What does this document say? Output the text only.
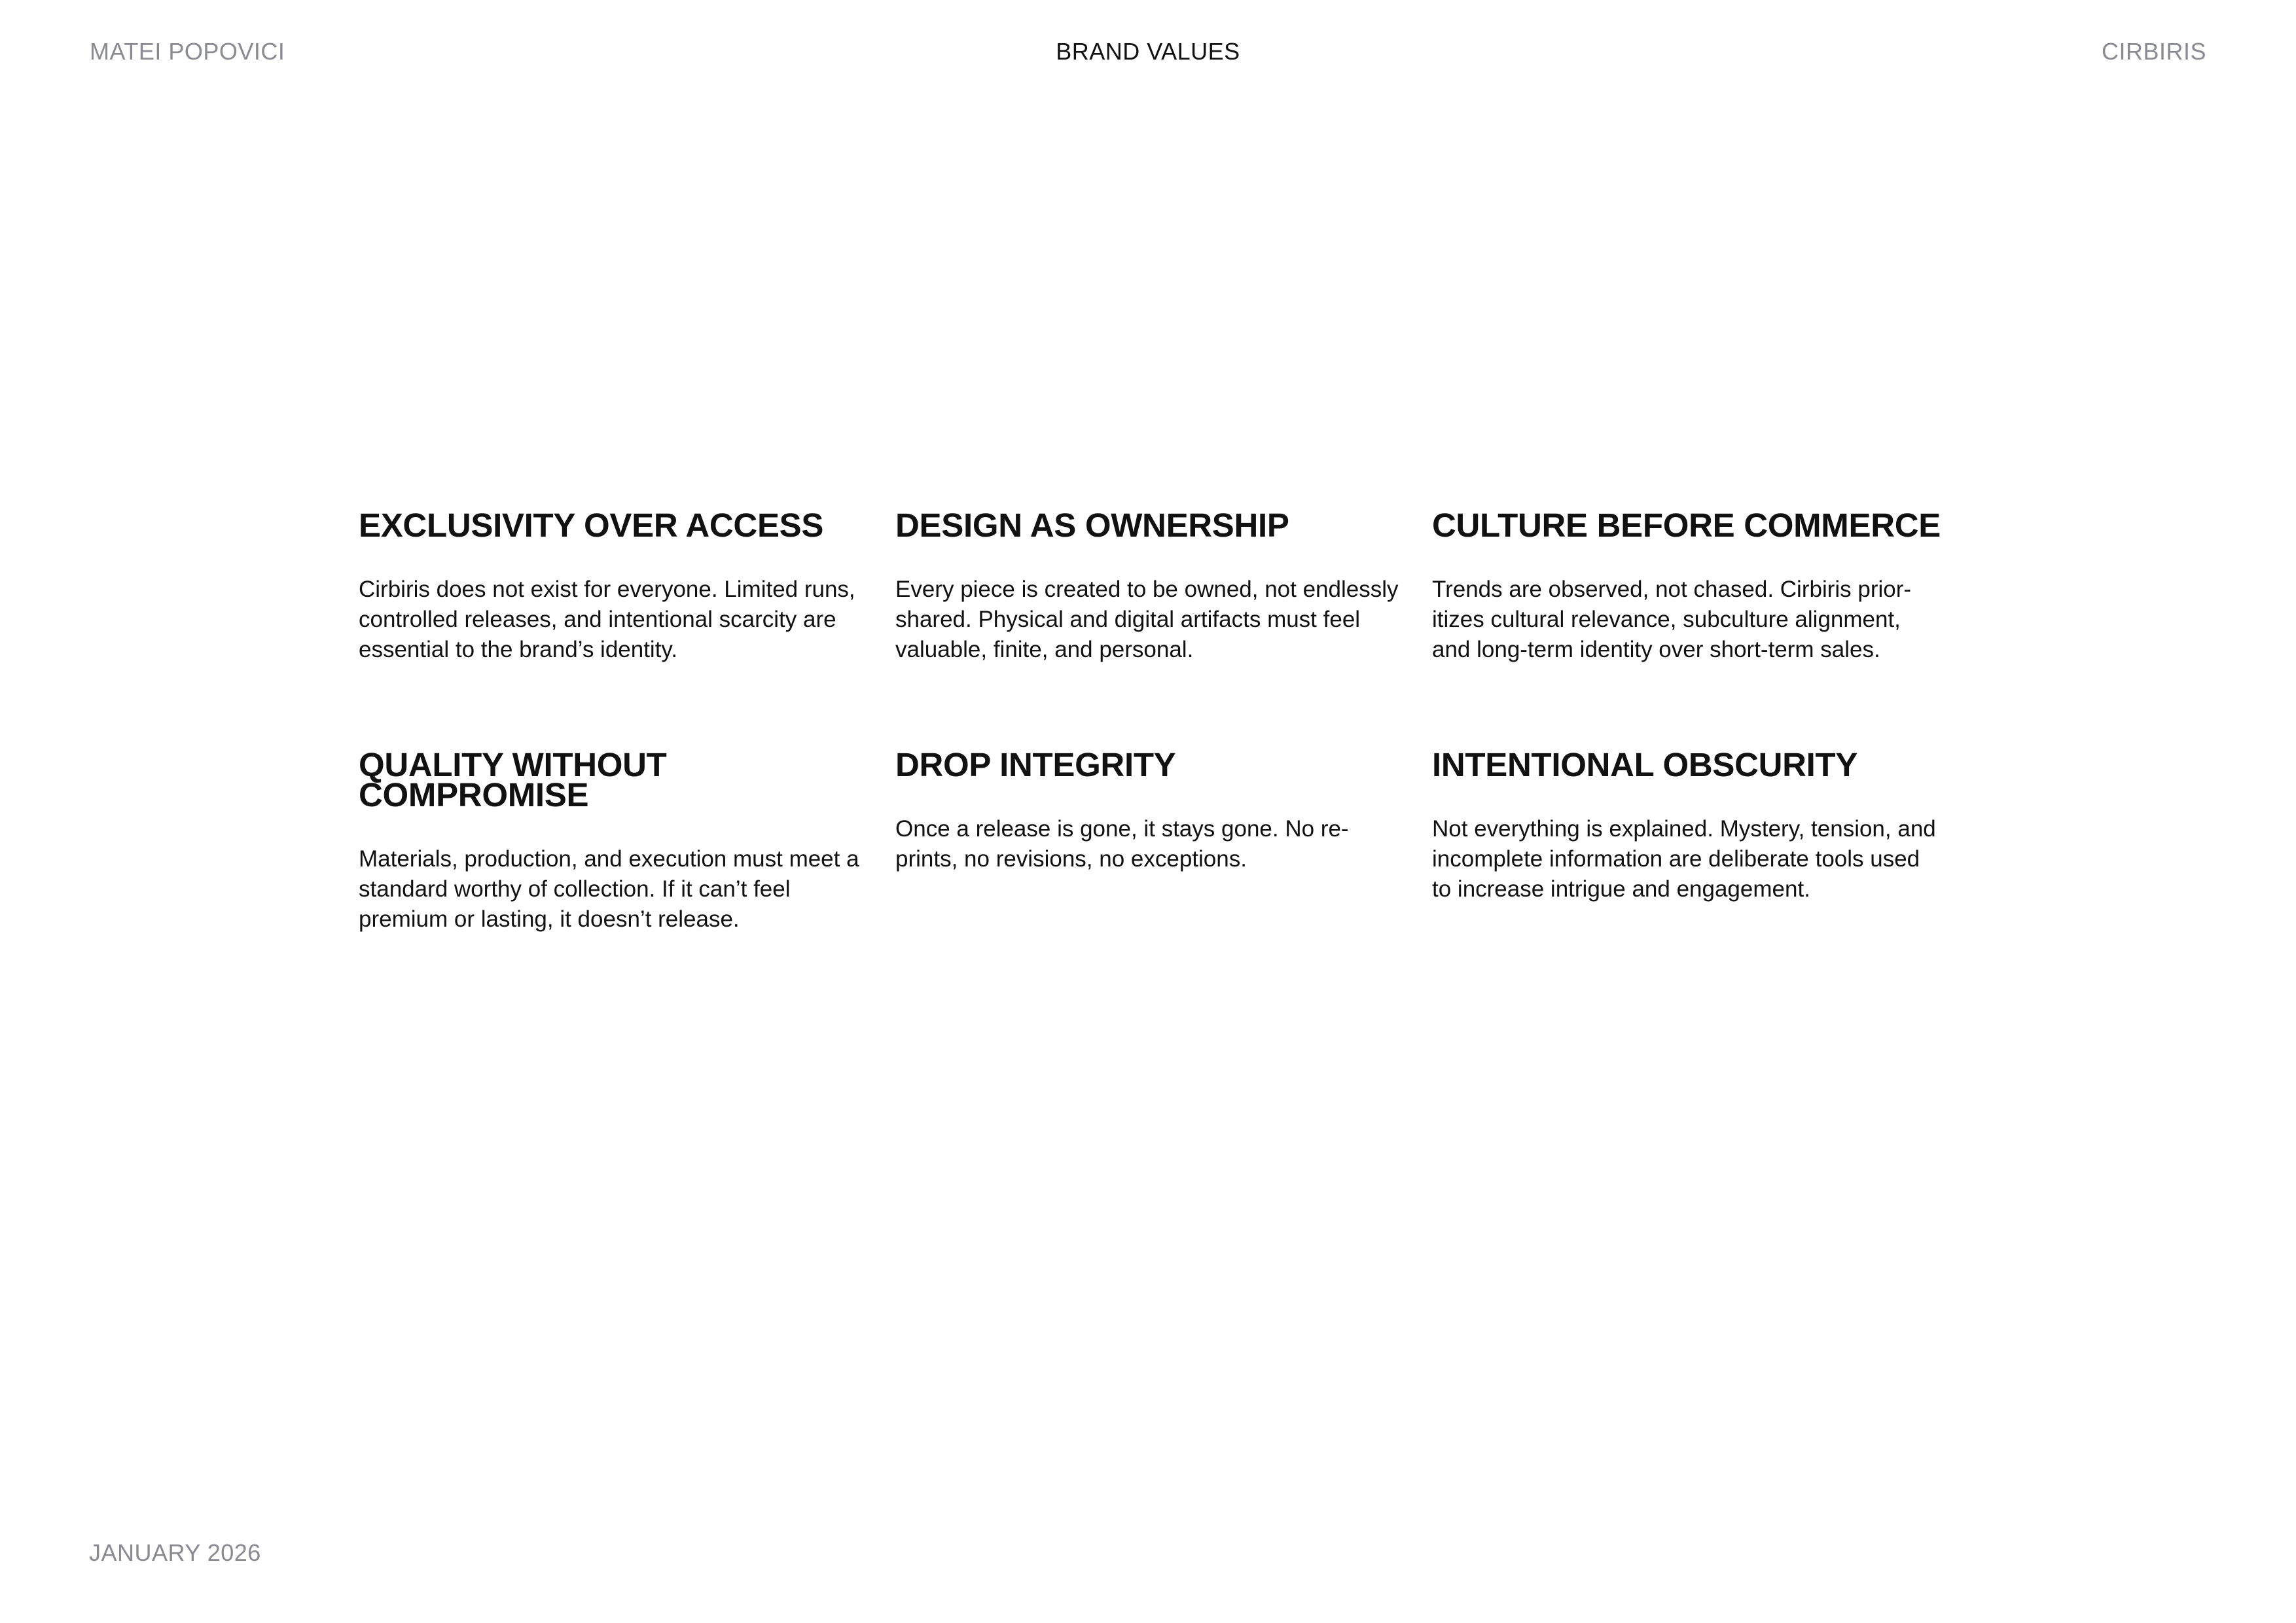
MATEI POPOVICI	BRAND VALUES	CIRBIRIS
EXCLUSIVITY OVER ACCESS

Cirbiris does not exist for everyone. Limited runs, controlled releases, and intentional scarcity are essential to the brand’s identity.

DESIGN AS OWNERSHIP

Every piece is created to be owned, not endlessly shared. Physical and digital artifacts must feel valuable, finite, and personal.

CULTURE BEFORE COMMERCE

Trends are observed, not chased. Cirbiris prior-itizes cultural relevance, subculture alignment, and long-term identity over short-term sales.

QUALITY WITHOUT COMPROMISE

Materials, production, and execution must meet a standard worthy of collection. If it can’t feel premium or lasting, it doesn’t release.

DROP INTEGRITY

Once a release is gone, it stays gone. No re-prints, no revisions, no exceptions.

INTENTIONAL OBSCURITY

Not everything is explained. Mystery, tension, and incomplete information are deliberate tools used to increase intrigue and engagement.

JANUARY 2026
